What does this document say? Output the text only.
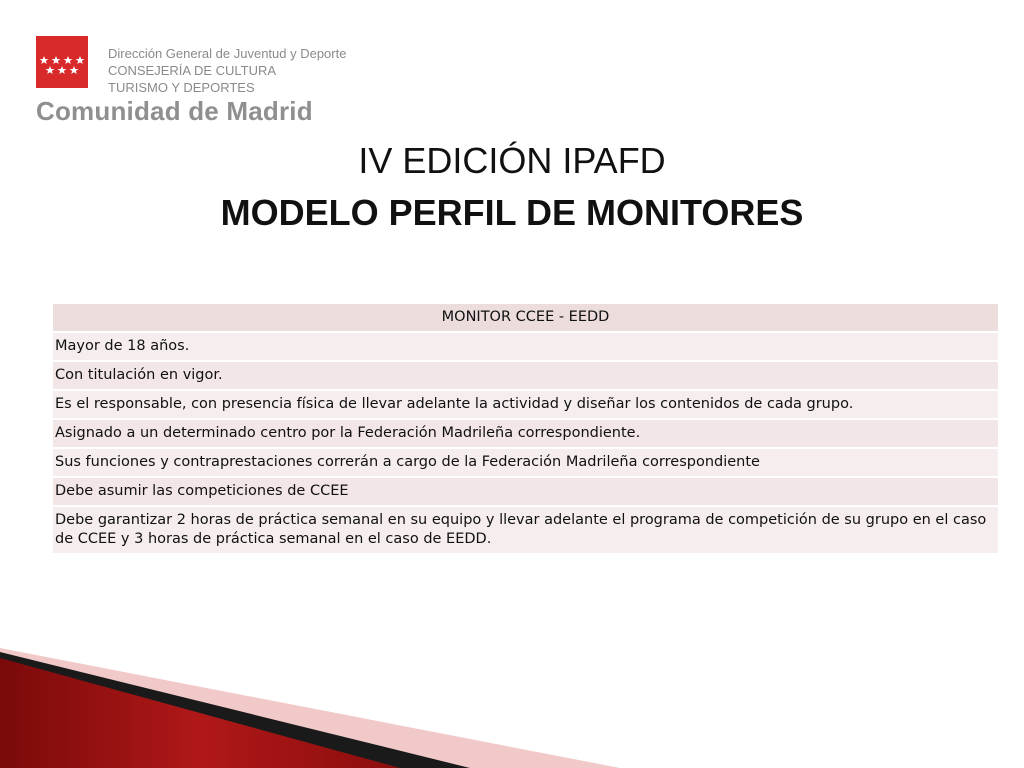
Dirección General de Juventud y Deporte
CONSEJERÍA DE CULTURA
TURISMO Y DEPORTES
Comunidad de Madrid
IV EDICIÓN IPAFD
MODELO PERFIL DE MONITORES
MONITOR CCEE - EEDD
Mayor de 18 años.
Con titulación en vigor.
Es el responsable, con presencia física de llevar adelante la actividad y diseñar los contenidos de cada grupo.
Asignado a un determinado centro por la Federación Madrileña correspondiente.
Sus funciones y contraprestaciones correrán a cargo de la Federación Madrileña correspondiente
Debe asumir las competiciones de CCEE
Debe garantizar 2 horas de práctica semanal en su equipo y llevar adelante el programa de competición de su grupo en el caso de CCEE y 3 horas de práctica semanal en el caso de EEDD.
